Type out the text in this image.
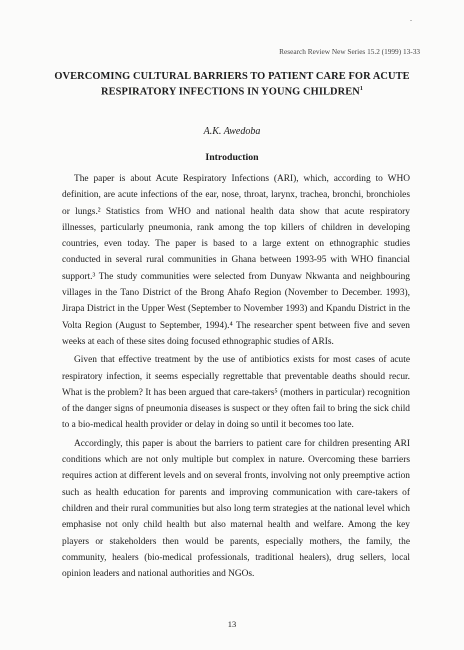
-
Research Review New Series 15.2 (1999) 13-33
OVERCOMING CULTURAL BARRIERS TO PATIENT CARE FOR ACUTE
RESPIRATORY INFECTIONS IN YOUNG CHILDREN$^1$
A.K. Awedoba
Introduction

The paper is about Acute Respiratory Infections (ARI), which, according to WHO definition, are acute infections of the ear, nose, throat, larynx, trachea, bronchi, bronchioles or lungs.² Statistics from WHO and national health data show that acute respiratory illnesses, particularly pneumonia, rank among the top killers of children in developing countries, even today. The paper is based to a large extent on ethnographic studies conducted in several rural communities in Ghana between 1993-95 with WHO financial support.³ The study communities were selected from Dunyaw Nkwanta and neighbouring villages in the Tano District of the Brong Ahafo Region (November to December. 1993), Jirapa District in the Upper West (September to November 1993) and Kpandu District in the Volta Region (August to September, 1994).⁴ The researcher spent between five and seven weeks at each of these sites doing focused ethnographic studies of ARIs.

Given that effective treatment by the use of antibiotics exists for most cases of acute respiratory infection, it seems especially regrettable that preventable deaths should recur. What is the problem? It has been argued that care-takers⁵ (mothers in particular) recognition of the danger signs of pneumonia diseases is suspect or they often fail to bring the sick child to a bio-medical health provider or delay in doing so until it becomes too late.

Accordingly, this paper is about the barriers to patient care for children presenting ARI conditions which are not only multiple but complex in nature. Overcoming these barriers requires action at different levels and on several fronts, involving not only preemptive action such as health education for parents and improving communication with care-takers of children and their rural communities but also long term strategies at the national level which emphasise not only child health but also maternal health and welfare. Among the key players or stakeholders then would be parents, especially mothers, the family, the community, healers (bio-medical professionals, traditional healers), drug sellers, local opinion leaders and national authorities and NGOs.

13
